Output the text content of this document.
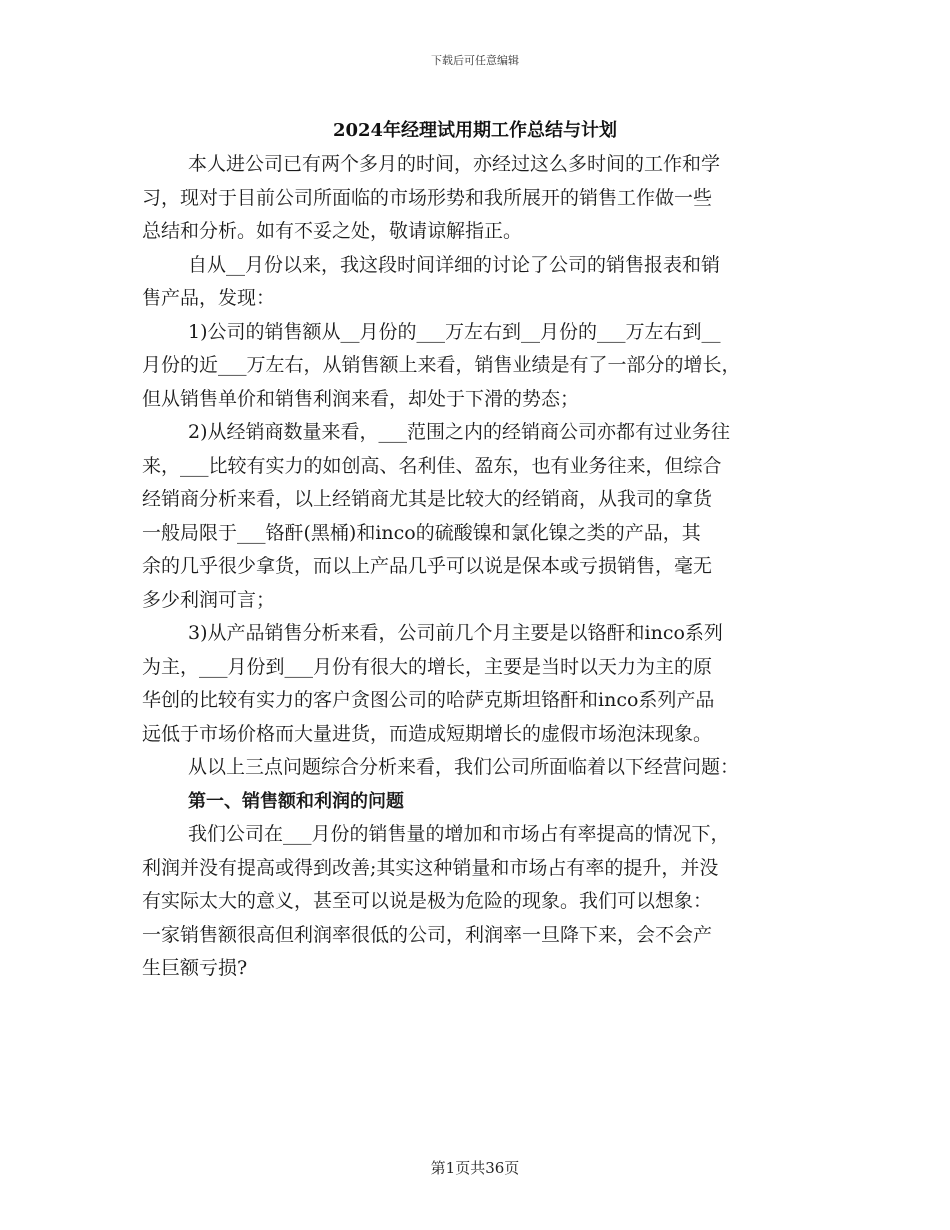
下载后可任意编辑
2024年经理试用期工作总结与计划
本人进公司已有两个多月的时间，亦经过这么多时间的工作和学
习，现对于目前公司所面临的市场形势和我所展开的销售工作做一些
总结和分析。如有不妥之处，敬请谅解指正。
自从__月份以来，我这段时间详细的讨论了公司的销售报表和销
售产品，发现：
1)公司的销售额从__月份的___万左右到__月份的___万左右到__
月份的近___万左右，从销售额上来看，销售业绩是有了一部分的增长，
但从销售单价和销售利润来看，却处于下滑的势态；
2)从经销商数量来看，___范围之内的经销商公司亦都有过业务往
来，___比较有实力的如创高、名利佳、盈东，也有业务往来，但综合
经销商分析来看，以上经销商尤其是比较大的经销商，从我司的拿货
一般局限于___铬酐(黑桶)和inco的硫酸镍和氯化镍之类的产品，其
余的几乎很少拿货，而以上产品几乎可以说是保本或亏损销售，毫无
多少利润可言；
3)从产品销售分析来看，公司前几个月主要是以铬酐和inco系列
为主，___月份到___月份有很大的增长，主要是当时以天力为主的原
华创的比较有实力的客户贪图公司的哈萨克斯坦铬酐和inco系列产品
远低于市场价格而大量进货，而造成短期增长的虚假市场泡沫现象。
从以上三点问题综合分析来看，我们公司所面临着以下经营问题：
第一、销售额和利润的问题
我们公司在___月份的销售量的增加和市场占有率提高的情况下，
利润并没有提高或得到改善;其实这种销量和市场占有率的提升，并没
有实际太大的意义，甚至可以说是极为危险的现象。我们可以想象：
一家销售额很高但利润率很低的公司，利润率一旦降下来，会不会产
生巨额亏损?
第1页共36页
